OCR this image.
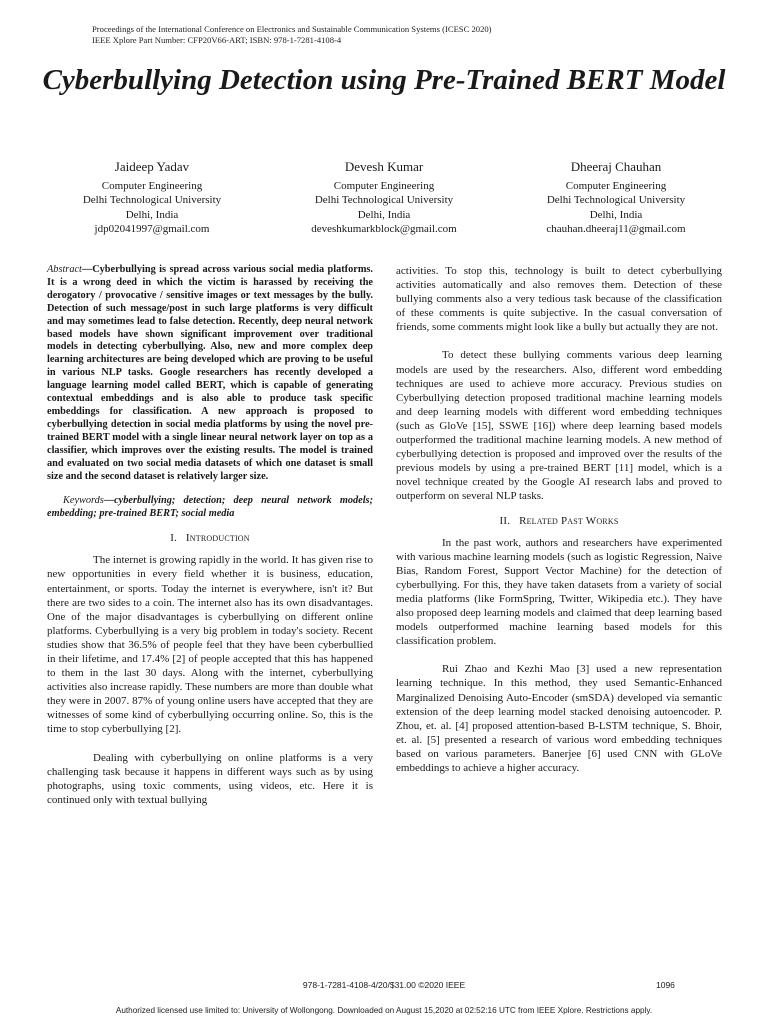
Proceedings of the International Conference on Electronics and Sustainable Communication Systems (ICESC 2020)
IEEE Xplore Part Number: CFP20V66-ART; ISBN: 978-1-7281-4108-4
Cyberbullying Detection using Pre-Trained BERT Model
Jaideep Yadav
Computer Engineering
Delhi Technological University
Delhi, India
jdp02041997@gmail.com
Devesh Kumar
Computer Engineering
Delhi Technological University
Delhi, India
deveshkumarkblock@gmail.com
Dheeraj Chauhan
Computer Engineering
Delhi Technological University
Delhi, India
chauhan.dheeraj11@gmail.com

Abstract—Cyberbullying is spread across various social media platforms. It is a wrong deed in which the victim is harassed by receiving the derogatory / provocative / sensitive images or text messages by the bully. Detection of such message/post in such large platforms is very difficult and may sometimes lead to false detection. Recently, deep neural network based models have shown significant improvement over traditional models in detecting cyberbullying. Also, new and more complex deep learning architectures are being developed which are proving to be useful in various NLP tasks. Google researchers has recently developed a language learning model called BERT, which is capable of generating contextual embeddings and is also able to produce task specific embeddings for classification. A new approach is proposed to cyberbullying detection in social media platforms by using the novel pre-trained BERT model with a single linear neural network layer on top as a classifier, which improves over the existing results. The model is trained and evaluated on two social media datasets of which one dataset is small size and the second dataset is relatively larger size.

Keywords—cyberbullying; detection; deep neural network models; embedding; pre-trained BERT; social media

I. Introduction

The internet is growing rapidly in the world. It has given rise to new opportunities in every field whether it is business, education, entertainment, or sports. Today the internet is everywhere, isn't it? But there are two sides to a coin. The internet also has its own disadvantages. One of the major disadvantages is cyberbullying on different online platforms. Cyberbullying is a very big problem in today's society. Recent studies show that 36.5% of people feel that they have been cyberbullied in their lifetime, and 17.4% [2] of people accepted that this has happened to them in the last 30 days. Along with the internet, cyberbullying activities also increase rapidly. These numbers are more than double what they were in 2007. 87% of young online users have accepted that they are witnesses of some kind of cyberbullying occurring online. So, this is the time to stop cyberbullying [2].

Dealing with cyberbullying on online platforms is a very challenging task because it happens in different ways such as by using photographs, using toxic comments, using videos, etc. Here it is continued only with textual bullying

activities. To stop this, technology is built to detect cyberbullying activities automatically and also removes them. Detection of these bullying comments also a very tedious task because of the classification of these comments is quite subjective. In the casual conversation of friends, some comments might look like a bully but actually they are not.

To detect these bullying comments various deep learning models are used by the researchers. Also, different word embedding techniques are used to achieve more accuracy. Previous studies on Cyberbullying detection proposed traditional machine learning models and deep learning models with different word embedding techniques (such as GloVe [15], SSWE [16]) where deep learning based models outperformed the traditional machine learning models. A new method of cyberbullying detection is proposed and improved over the results of the previous models by using a pre-trained BERT [11] model, which is a novel technique created by the Google AI research labs and proved to outperform on several NLP tasks.

II. Related Past Works

In the past work, authors and researchers have experimented with various machine learning models (such as logistic Regression, Naive Bias, Random Forest, Support Vector Machine) for the detection of cyberbullying. For this, they have taken datasets from a variety of social media platforms (like FormSpring, Twitter, Wikipedia etc.). They have also proposed deep learning models and claimed that deep learning based models outperformed machine learning based models for this classification problem.

Rui Zhao and Kezhi Mao [3] used a new representation learning technique. In this method, they used Semantic-Enhanced Marginalized Denoising Auto-Encoder (smSDA) developed via semantic extension of the deep learning model stacked denoising autoencoder. P. Zhou, et. al. [4] proposed attention-based B-LSTM technique, S. Bhoir, et. al. [5] presented a research of various word embedding techniques based on various parameters. Banerjee [6] used CNN with GLoVe embeddings to achieve a higher accuracy.

978-1-7281-4108-4/20/$31.00 ©2020 IEEE	1096
Authorized licensed use limited to: University of Wollongong. Downloaded on August 15,2020 at 02:52:16 UTC from IEEE Xplore. Restrictions apply.
